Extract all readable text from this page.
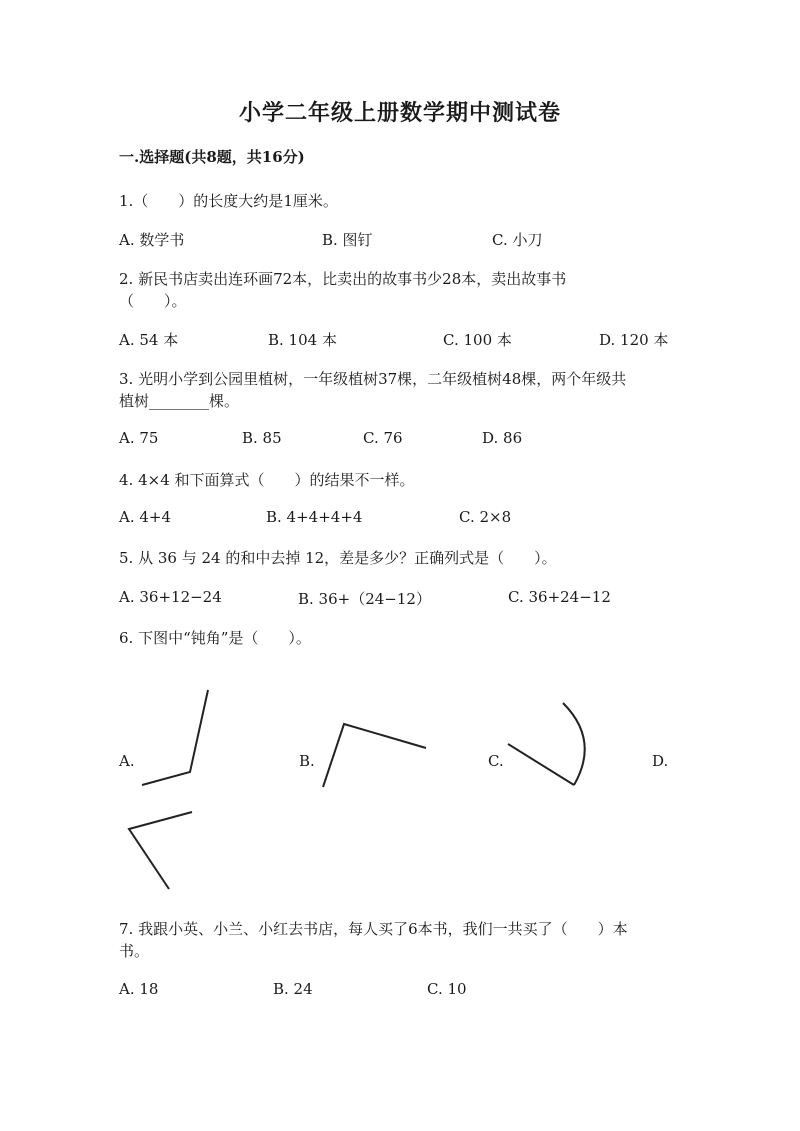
小学二年级上册数学期中测试卷
一.选择题(共8题，共16分)
1.（　　）的长度大约是1厘米。
A. 数学书	B. 图钉	C. 小刀
2. 新民书店卖出连环画72本，比卖出的故事书少28本，卖出故事书
（　　）。
A. 54 本	B. 104 本	C. 100 本	D. 120 本
3. 光明小学到公园里植树，一年级植树37棵，二年级植树48棵，两个年级共
植树________棵。
A. 75	B. 85	C. 76	D. 86
4. 4×4 和下面算式（　　）的结果不一样。
A. 4+4	B. 4+4+4+4	C. 2×8
5. 从 36 与 24 的和中去掉 12，差是多少？正确列式是（　　）。
A. 36+12−24	B. 36+（24−12）	C. 36+24−12
6. 下图中“钝角”是（　　）。
A.	B.	C.	D.
7. 我跟小英、小兰、小红去书店，每人买了6本书，我们一共买了（　　）本
书。
A. 18	B. 24	C. 10
